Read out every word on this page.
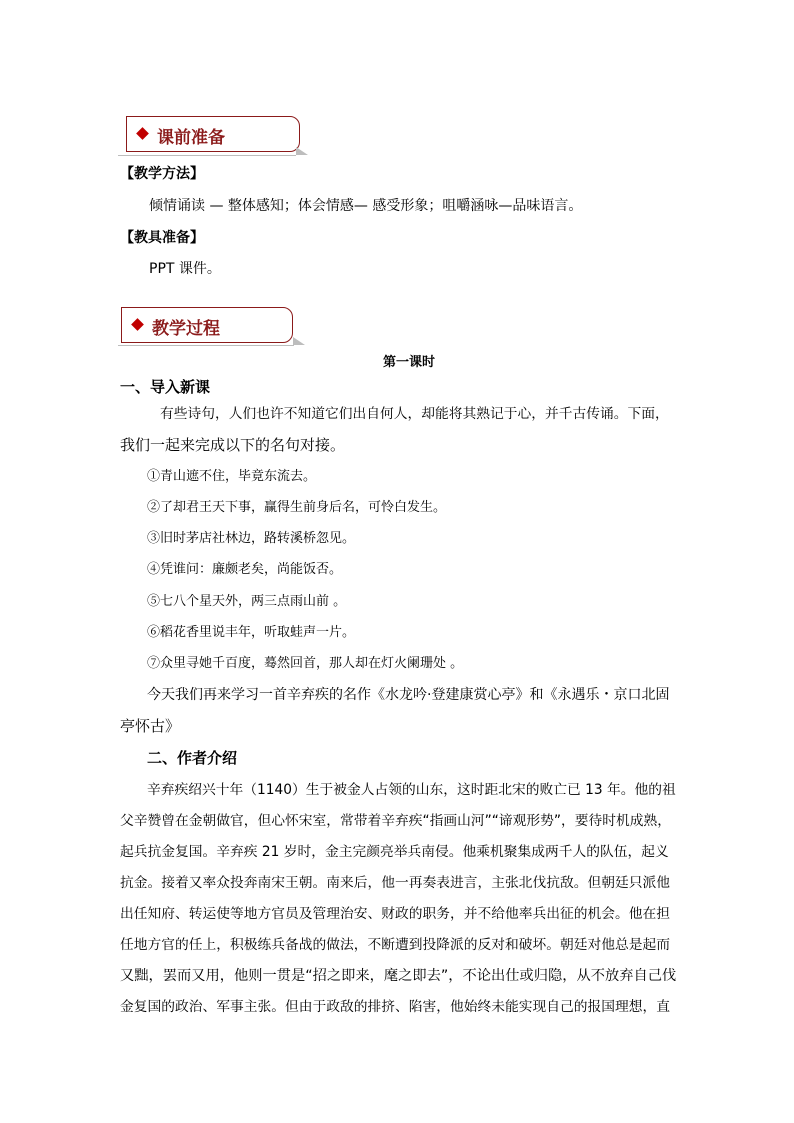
课前准备
【教学方法】
倾情诵读 — 整体感知；体会情感— 感受形象；咀嚼涵咏—品味语言。
【教具准备】
PPT 课件。
教学过程
第一课时
一、导入新课
有些诗句，人们也许不知道它们出自何人，却能将其熟记于心，并千古传诵。下面，
我们一起来完成以下的名句对接。
①青山遮不住，毕竟东流去。
②了却君王天下事，赢得生前身后名，可怜白发生。
③旧时茅店社林边，路转溪桥忽见。
④凭谁问：廉颇老矣，尚能饭否。
⑤七八个星天外，两三点雨山前 。
⑥稻花香里说丰年，听取蛙声一片。
⑦众里寻她千百度，蓦然回首，那人却在灯火阑珊处 。
今天我们再来学习一首辛弃疾的名作《水龙吟·登建康赏心亭》和《永遇乐・京口北固
亭怀古》
二、作者介绍
辛弃疾绍兴十年（1140）生于被金人占领的山东，这时距北宋的败亡已 13 年。他的祖
父辛赞曾在金朝做官，但心怀宋室，常带着辛弃疾“指画山河”“谛观形势”，要待时机成熟，
起兵抗金复国。辛弃疾 21 岁时，金主完颜亮举兵南侵。他乘机聚集成两千人的队伍，起义
抗金。接着又率众投奔南宋王朝。南来后，他一再奏表进言，主张北伐抗敌。但朝廷只派他
出任知府、转运使等地方官员及管理治安、财政的职务，并不给他率兵出征的机会。他在担
任地方官的任上，积极练兵备战的做法，不断遭到投降派的反对和破坏。朝廷对他总是起而
又黜，罢而又用，他则一贯是“招之即来，麾之即去”，不论出仕或归隐，从不放弃自己伐
金复国的政治、军事主张。但由于政敌的排挤、陷害，他始终未能实现自己的报国理想，直
